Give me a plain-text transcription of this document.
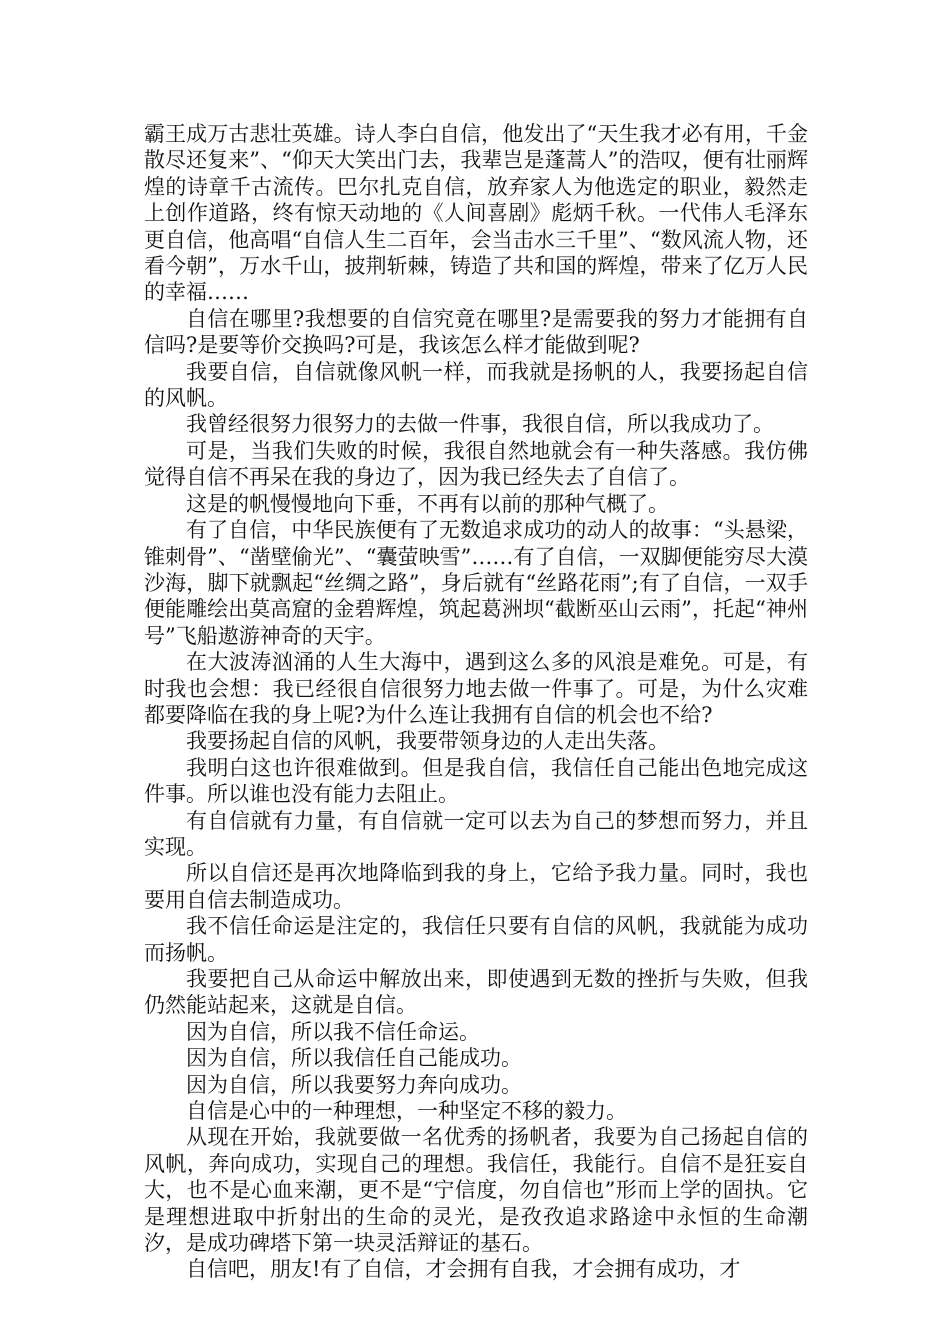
霸王成万古悲壮英雄。诗人李白自信，他发出了“天生我才必有用，千金散尽还复来”、“仰天大笑出门去，我辈岂是蓬蒿人”的浩叹，便有壮丽辉煌的诗章千古流传。巴尔扎克自信，放弃家人为他选定的职业，毅然走上创作道路，终有惊天动地的《人间喜剧》彪炳千秋。一代伟人毛泽东更自信，他高唱“自信人生二百年，会当击水三千里”、“数风流人物，还看今朝”，万水千山，披荆斩棘，铸造了共和国的辉煌，带来了亿万人民的幸福……

自信在哪里?我想要的自信究竟在哪里?是需要我的努力才能拥有自信吗?是要等价交换吗?可是，我该怎么样才能做到呢?

我要自信，自信就像风帆一样，而我就是扬帆的人，我要扬起自信的风帆。

我曾经很努力很努力的去做一件事，我很自信，所以我成功了。

可是，当我们失败的时候，我很自然地就会有一种失落感。我仿佛觉得自信不再呆在我的身边了，因为我已经失去了自信了。

这是的帆慢慢地向下垂，不再有以前的那种气概了。

有了自信，中华民族便有了无数追求成功的动人的故事：“头悬梁，锥刺骨”、“凿壁偷光”、“囊萤映雪”……有了自信，一双脚便能穷尽大漠沙海，脚下就飘起“丝绸之路”，身后就有“丝路花雨”;有了自信，一双手便能雕绘出莫高窟的金碧辉煌，筑起葛洲坝“截断巫山云雨”，托起“神州号”飞船遨游神奇的天宇。

在大波涛汹涌的人生大海中，遇到这么多的风浪是难免。可是，有时我也会想：我已经很自信很努力地去做一件事了。可是，为什么灾难都要降临在我的身上呢?为什么连让我拥有自信的机会也不给?

我要扬起自信的风帆，我要带领身边的人走出失落。

我明白这也许很难做到。但是我自信，我信任自己能出色地完成这件事。所以谁也没有能力去阻止。

有自信就有力量，有自信就一定可以去为自己的梦想而努力，并且实现。

所以自信还是再次地降临到我的身上，它给予我力量。同时，我也要用自信去制造成功。

我不信任命运是注定的，我信任只要有自信的风帆，我就能为成功而扬帆。

我要把自己从命运中解放出来，即使遇到无数的挫折与失败，但我仍然能站起来，这就是自信。

因为自信，所以我不信任命运。

因为自信，所以我信任自己能成功。

因为自信，所以我要努力奔向成功。

自信是心中的一种理想，一种坚定不移的毅力。

从现在开始，我就要做一名优秀的扬帆者，我要为自己扬起自信的风帆，奔向成功，实现自己的理想。我信任，我能行。自信不是狂妄自大，也不是心血来潮，更不是“宁信度，勿自信也”形而上学的固执。它是理想进取中折射出的生命的灵光，是孜孜追求路途中永恒的生命潮汐，是成功碑塔下第一块灵活辩证的基石。

自信吧，朋友!有了自信，才会拥有自我，才会拥有成功，才
